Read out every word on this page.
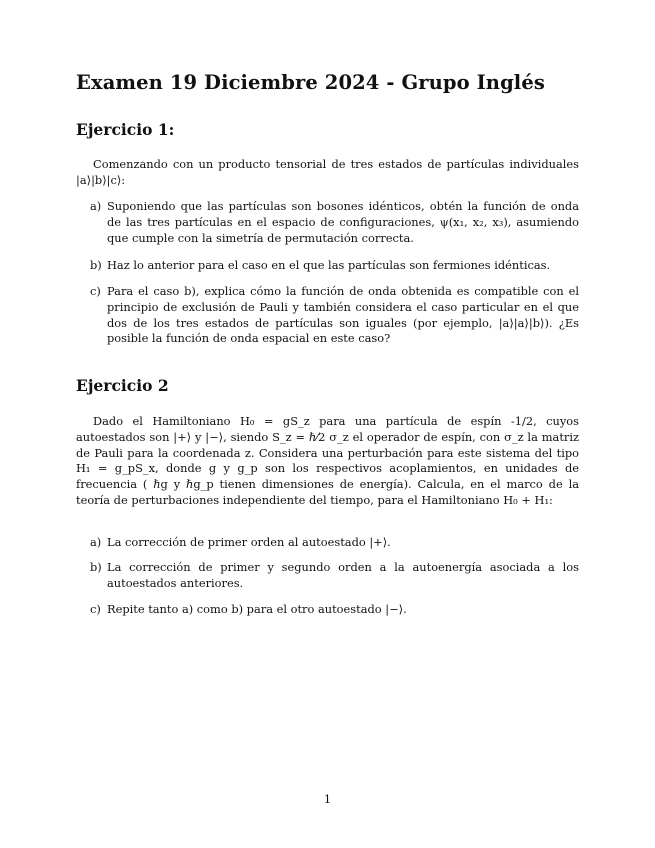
Examen 19 Diciembre 2024 - Grupo Inglés
Ejercicio 1:
Comenzando con un producto tensorial de tres estados de partículas individuales |a⟩|b⟩|c⟩:
a) Suponiendo que las partículas son bosones idénticos, obtén la función de onda de las tres partículas en el espacio de configuraciones, ψ(x₁, x₂, x₃), asumiendo que cumple con la simetría de permutación correcta.
b) Haz lo anterior para el caso en el que las partículas son fermiones idénticas.
c) Para el caso b), explica cómo la función de onda obtenida es compatible con el principio de exclusión de Pauli y también considera el caso particular en el que dos de los tres estados de partículas son iguales (por ejemplo, |a⟩|a⟩|b⟩). ¿Es posible la función de onda espacial en este caso?
Ejercicio 2
Dado el Hamiltoniano H₀ = gS_z para una partícula de espín -1/2, cuyos autoestados son |+⟩ y |−⟩, siendo S_z = ℏ⁄2 σ_z el operador de espín, con σ_z la matriz de Pauli para la coordenada z. Considera una perturbación para este sistema del tipo H₁ = g_pS_x, donde g y g_p son los respectivos acoplamientos, en unidades de frecuencia ( ℏg y ℏg_p tienen dimensiones de energía). Calcula, en el marco de la teoría de perturbaciones independiente del tiempo, para el Hamiltoniano H₀ + H₁:
a) La corrección de primer orden al autoestado |+⟩.
b) La corrección de primer y segundo orden a la autoenergía asociada a los autoestados anteriores.
c) Repite tanto a) como b) para el otro autoestado |−⟩.
1
